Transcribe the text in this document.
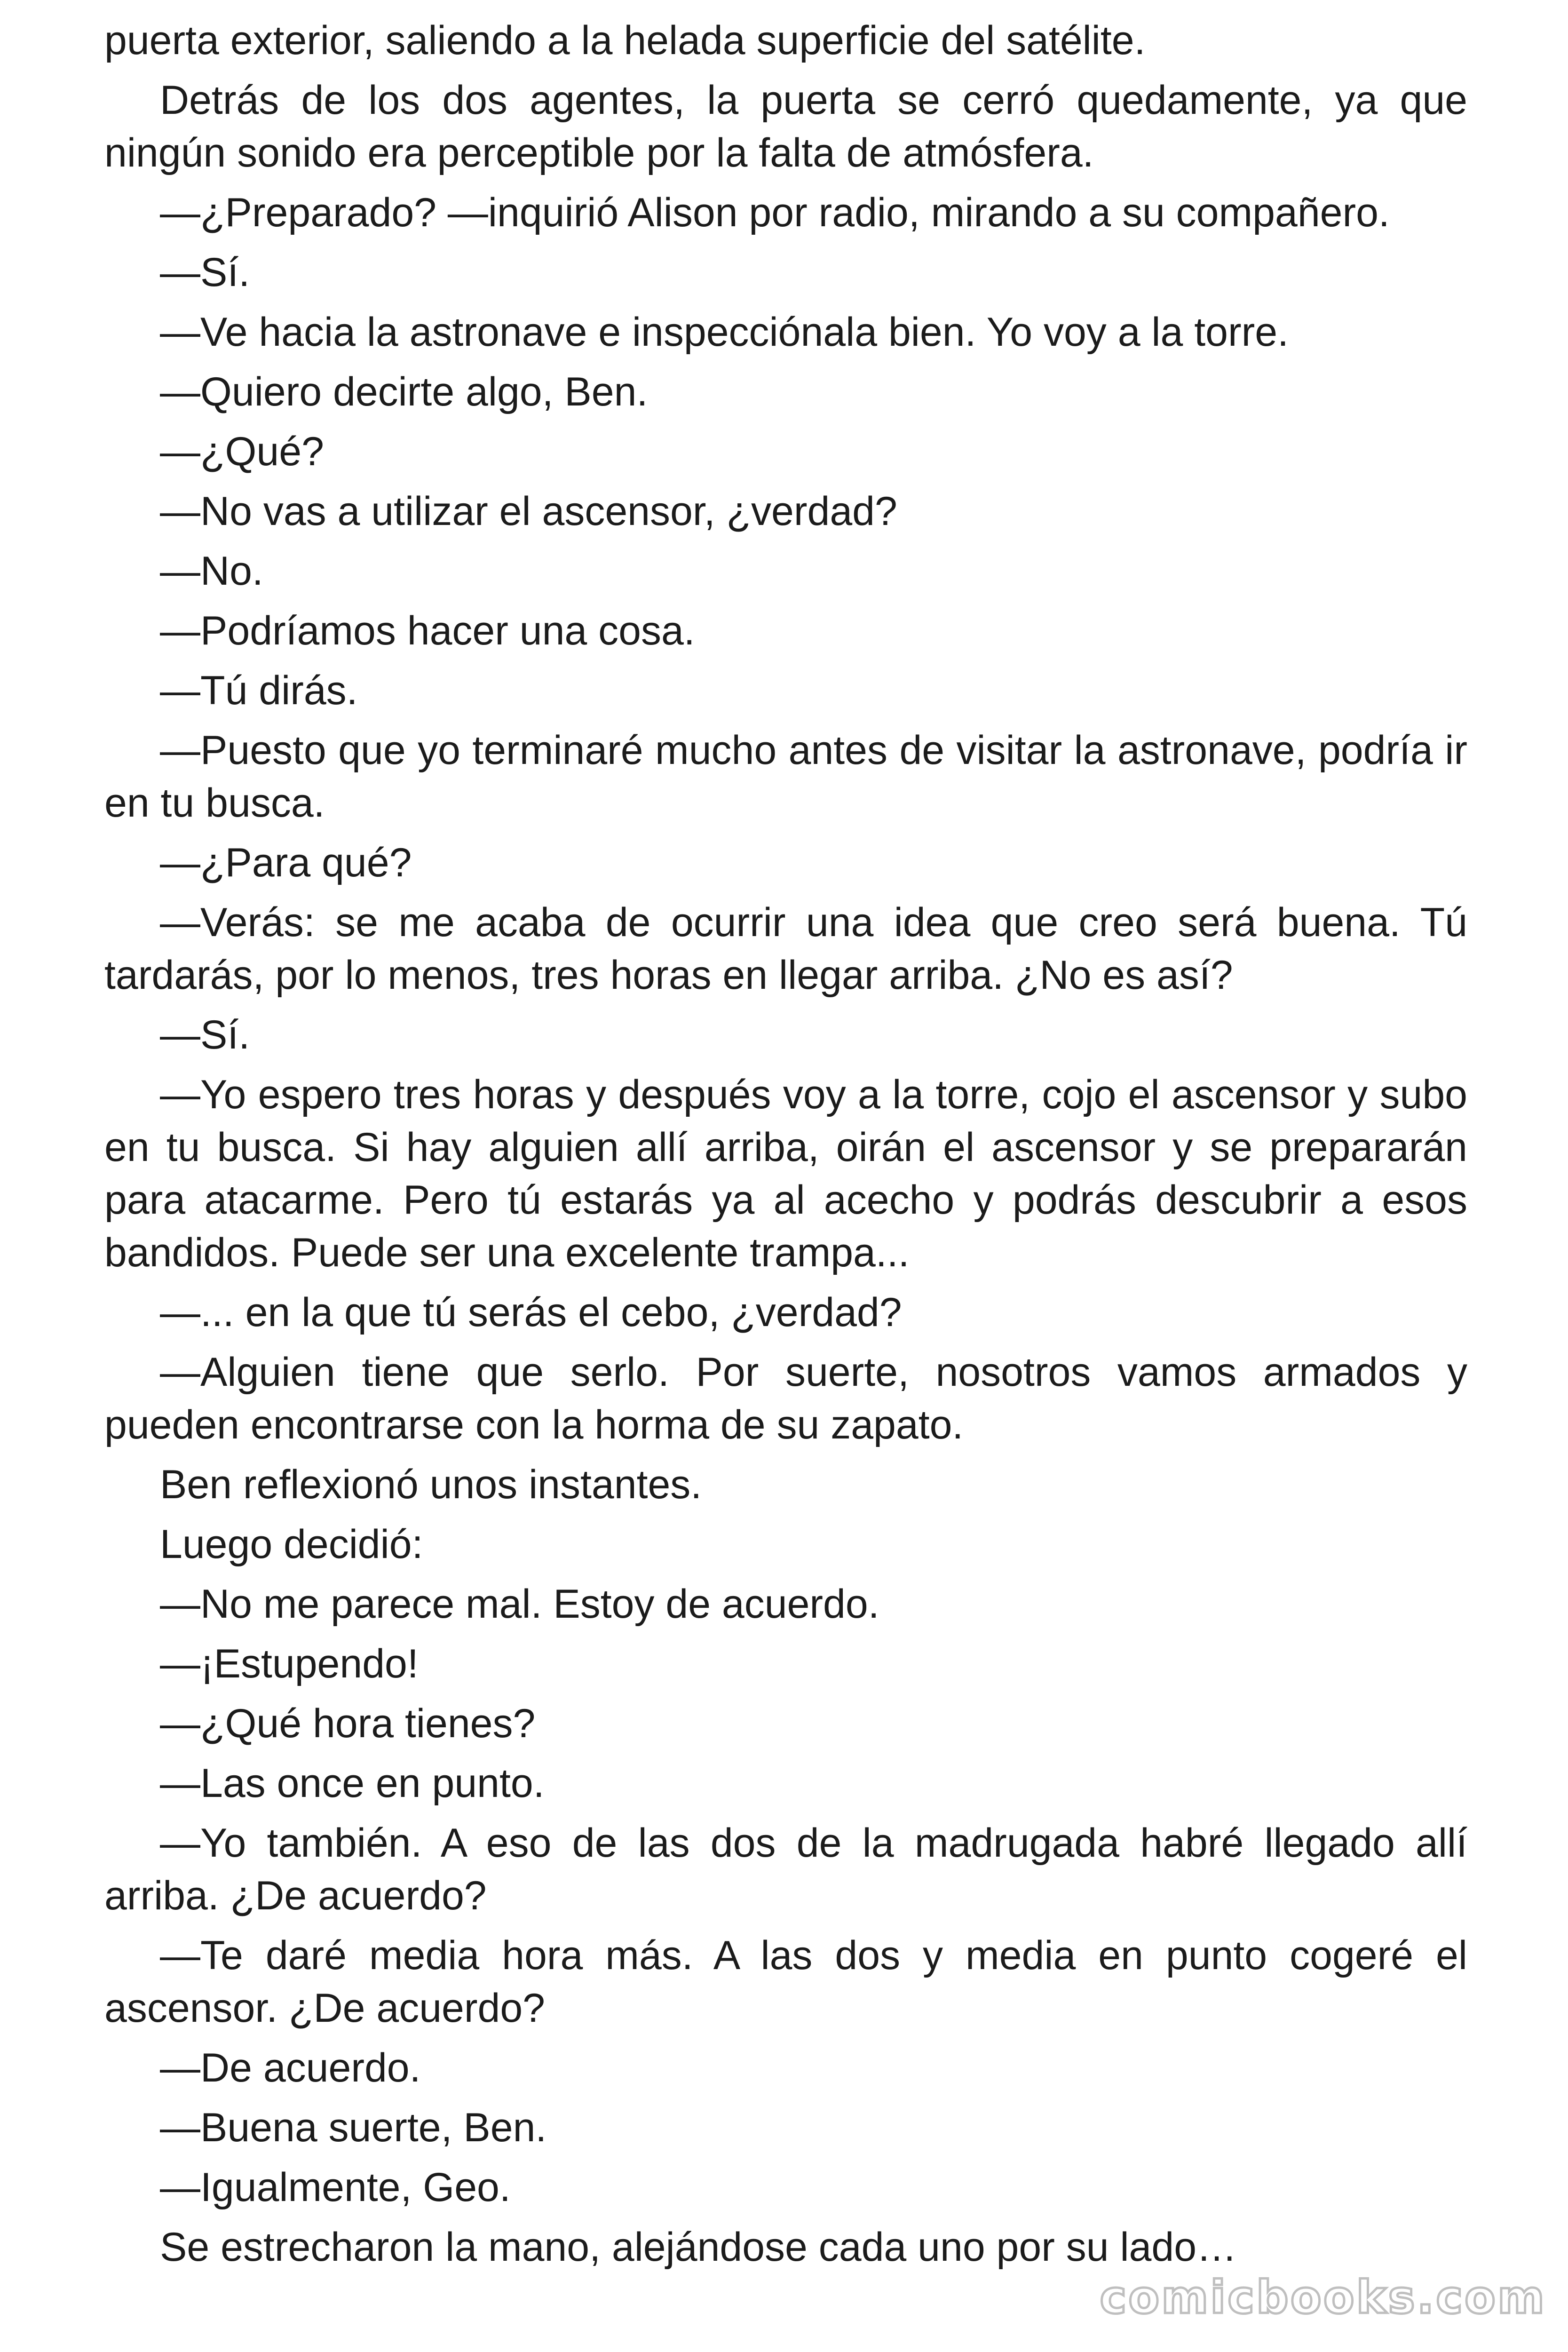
puerta exterior, saliendo a la helada superficie del satélite.

Detrás de los dos agentes, la puerta se cerró quedamente, ya que ningún sonido era perceptible por la falta de atmósfera.

—¿Preparado? —inquirió Alison por radio, mirando a su compañero.

—Sí.

—Ve hacia la astronave e inspecciónala bien. Yo voy a la torre.

—Quiero decirte algo, Ben.

—¿Qué?

—No vas a utilizar el ascensor, ¿verdad?

—No.

—Podríamos hacer una cosa.

—Tú dirás.

—Puesto que yo terminaré mucho antes de visitar la astronave, podría ir en tu busca.

—¿Para qué?

—Verás: se me acaba de ocurrir una idea que creo será buena. Tú tardarás, por lo menos, tres horas en llegar arriba. ¿No es así?

—Sí.

—Yo espero tres horas y después voy a la torre, cojo el ascensor y subo en tu busca. Si hay alguien allí arriba, oirán el ascensor y se prepararán para atacarme. Pero tú estarás ya al acecho y podrás descubrir a esos bandidos. Puede ser una excelente trampa...

—... en la que tú serás el cebo, ¿verdad?

—Alguien tiene que serlo. Por suerte, nosotros vamos armados y pueden encontrarse con la horma de su zapato.

Ben reflexionó unos instantes.

Luego decidió:

—No me parece mal. Estoy de acuerdo.

—¡Estupendo!

—¿Qué hora tienes?

—Las once en punto.

—Yo también. A eso de las dos de la madrugada habré llegado allí arriba. ¿De acuerdo?

—Te daré media hora más. A las dos y media en punto cogeré el ascensor. ¿De acuerdo?

—De acuerdo.

—Buena suerte, Ben.

—Igualmente, Geo.

Se estrecharon la mano, alejándose cada uno por su lado…

comicbooks.com
